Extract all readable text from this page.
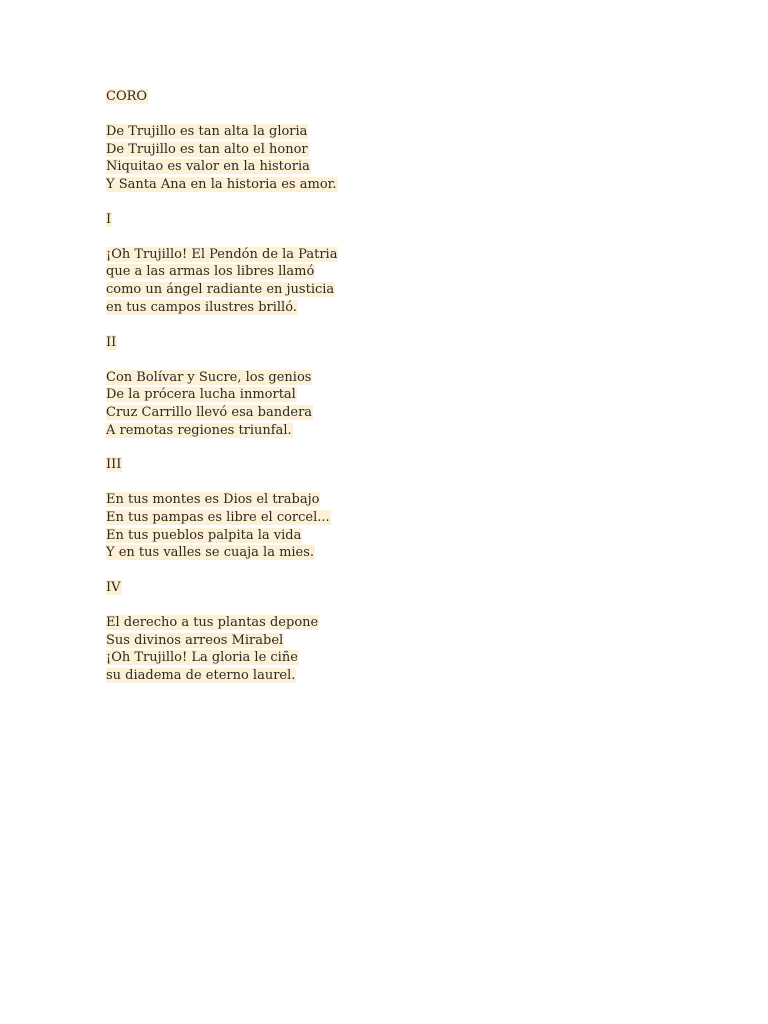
CORO
De Trujillo es tan alta la gloria
De Trujillo es tan alto el honor
Niquitao es valor en la historia
Y Santa Ana en la historia es amor.
I
¡Oh Trujillo! El Pendón de la Patria
que a las armas los libres llamó
como un ángel radiante en justicia
en tus campos ilustres brilló.
II
Con Bolívar y Sucre, los genios
De la prócera lucha inmortal
Cruz Carrillo llevó esa bandera
A remotas regiones triunfal.
III
En tus montes es Dios el trabajo
En tus pampas es libre el corcel...
En tus pueblos palpita la vida
Y en tus valles se cuaja la mies.
IV
El derecho a tus plantas depone
Sus divinos arreos Mirabel
¡Oh Trujillo! La gloria le ciñe
su diadema de eterno laurel.
